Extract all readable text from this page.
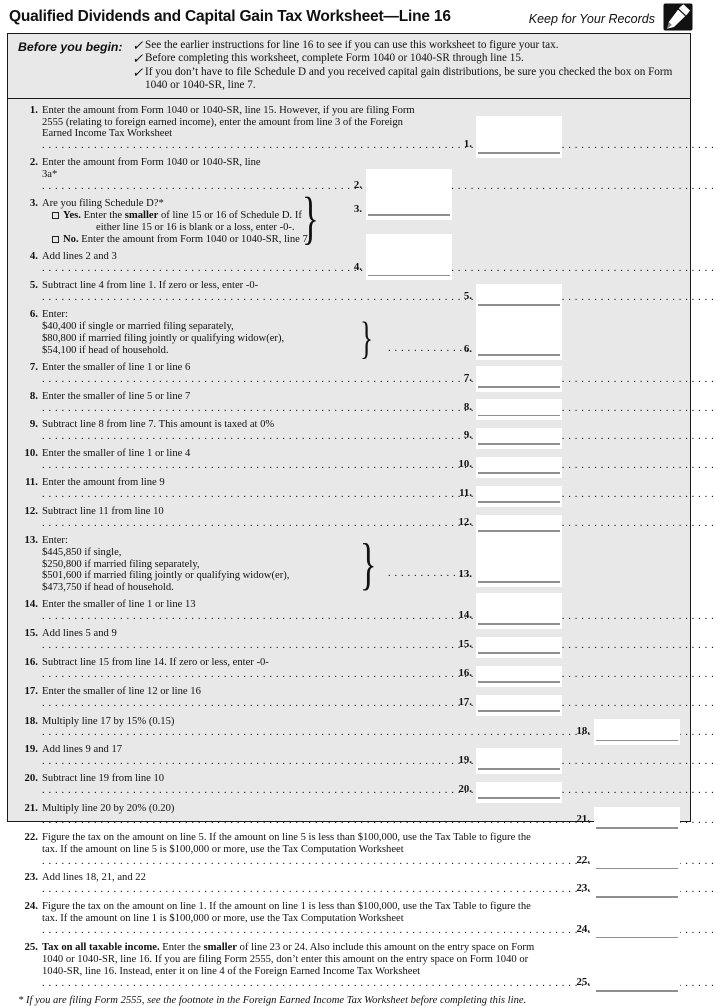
Qualified Dividends and Capital Gain Tax Worksheet—Line 16	Keep for Your Records
Before you begin: ✓ See the earlier instructions for line 16 to see if you can use this worksheet to figure your tax.
✓ Before completing this worksheet, complete Form 1040 or 1040-SR through line 15.
✓ If you don’t have to file Schedule D and you received capital gain distributions, be sure you checked the box on Form 1040 or 1040-SR, line 7.
1. Enter the amount from Form 1040 or 1040-SR, line 15. However, if you are filing Form 2555 (relating to foreign earned income), enter the amount from line 3 of the Foreign Earned Income Tax Worksheet . . .
1.
2. Enter the amount from Form 1040 or 1040-SR, line 3a* . . .
2.
3. Are you filing Schedule D?*
Yes. Enter the smaller of line 15 or 16 of Schedule D. If either line 15 or 16 is blank or a loss, enter -0-.
No. Enter the amount from Form 1040 or 1040-SR, line 7.
}
3.
4. Add lines 2 and 3 . . .
4.
5. Subtract line 4 from line 1. If zero or less, enter -0- . . .
5.
6. Enter:
$40,400 if single or married filing separately,
$80,800 if married filing jointly or qualifying widow(er),
$54,100 if head of household. } . . .	6.
7. Enter the smaller of line 1 or line 6 . . .
7.
8. Enter the smaller of line 5 or line 7 . . .
8.
9. Subtract line 8 from line 7. This amount is taxed at 0% . . .
9.
10. Enter the smaller of line 1 or line 4 . . .
10.
11. Enter the amount from line 9 . . .
11.
12. Subtract line 11 from line 10 . . .
12.
13. Enter:
$445,850 if single,
$250,800 if married filing separately,
$501,600 if married filing jointly or qualifying widow(er),
$473,750 if head of household.
}
. . .
13.
14. Enter the smaller of line 1 or line 13 . . .
14.
15. Add lines 5 and 9 . . .
15.
16. Subtract line 15 from line 14. If zero or less, enter -0- . . .
16.
17. Enter the smaller of line 12 or line 16 . . .
17.
18. Multiply line 17 by 15% (0.15) . . .
18.
19. Add lines 9 and 17 . . .
19.
20. Subtract line 19 from line 10 . . .
20.
21. Multiply line 20 by 20% (0.20) . . .
21.
22. Figure the tax on the amount on line 5. If the amount on line 5 is less than $100,000, use the Tax Table to figure the tax. If the amount on line 5 is $100,000 or more, use the Tax Computation Worksheet . . .
22.
23. Add lines 18, 21, and 22 . . .
23.
24. Figure the tax on the amount on line 1. If the amount on line 1 is less than $100,000, use the Tax Table to figure the tax. If the amount on line 1 is $100,000 or more, use the Tax Computation Worksheet . . .
24.
25. Tax on all taxable income. Enter the smaller of line 23 or 24. Also include this amount on the entry space on Form 1040 or 1040-SR, line 16. If you are filing Form 2555, don’t enter this amount on the entry space on Form 1040 or 1040-SR, line 16. Instead, enter it on line 4 of the Foreign Earned Income Tax Worksheet . . .
25.
* If you are filing Form 2555, see the footnote in the Foreign Earned Income Tax Worksheet before completing this line.
